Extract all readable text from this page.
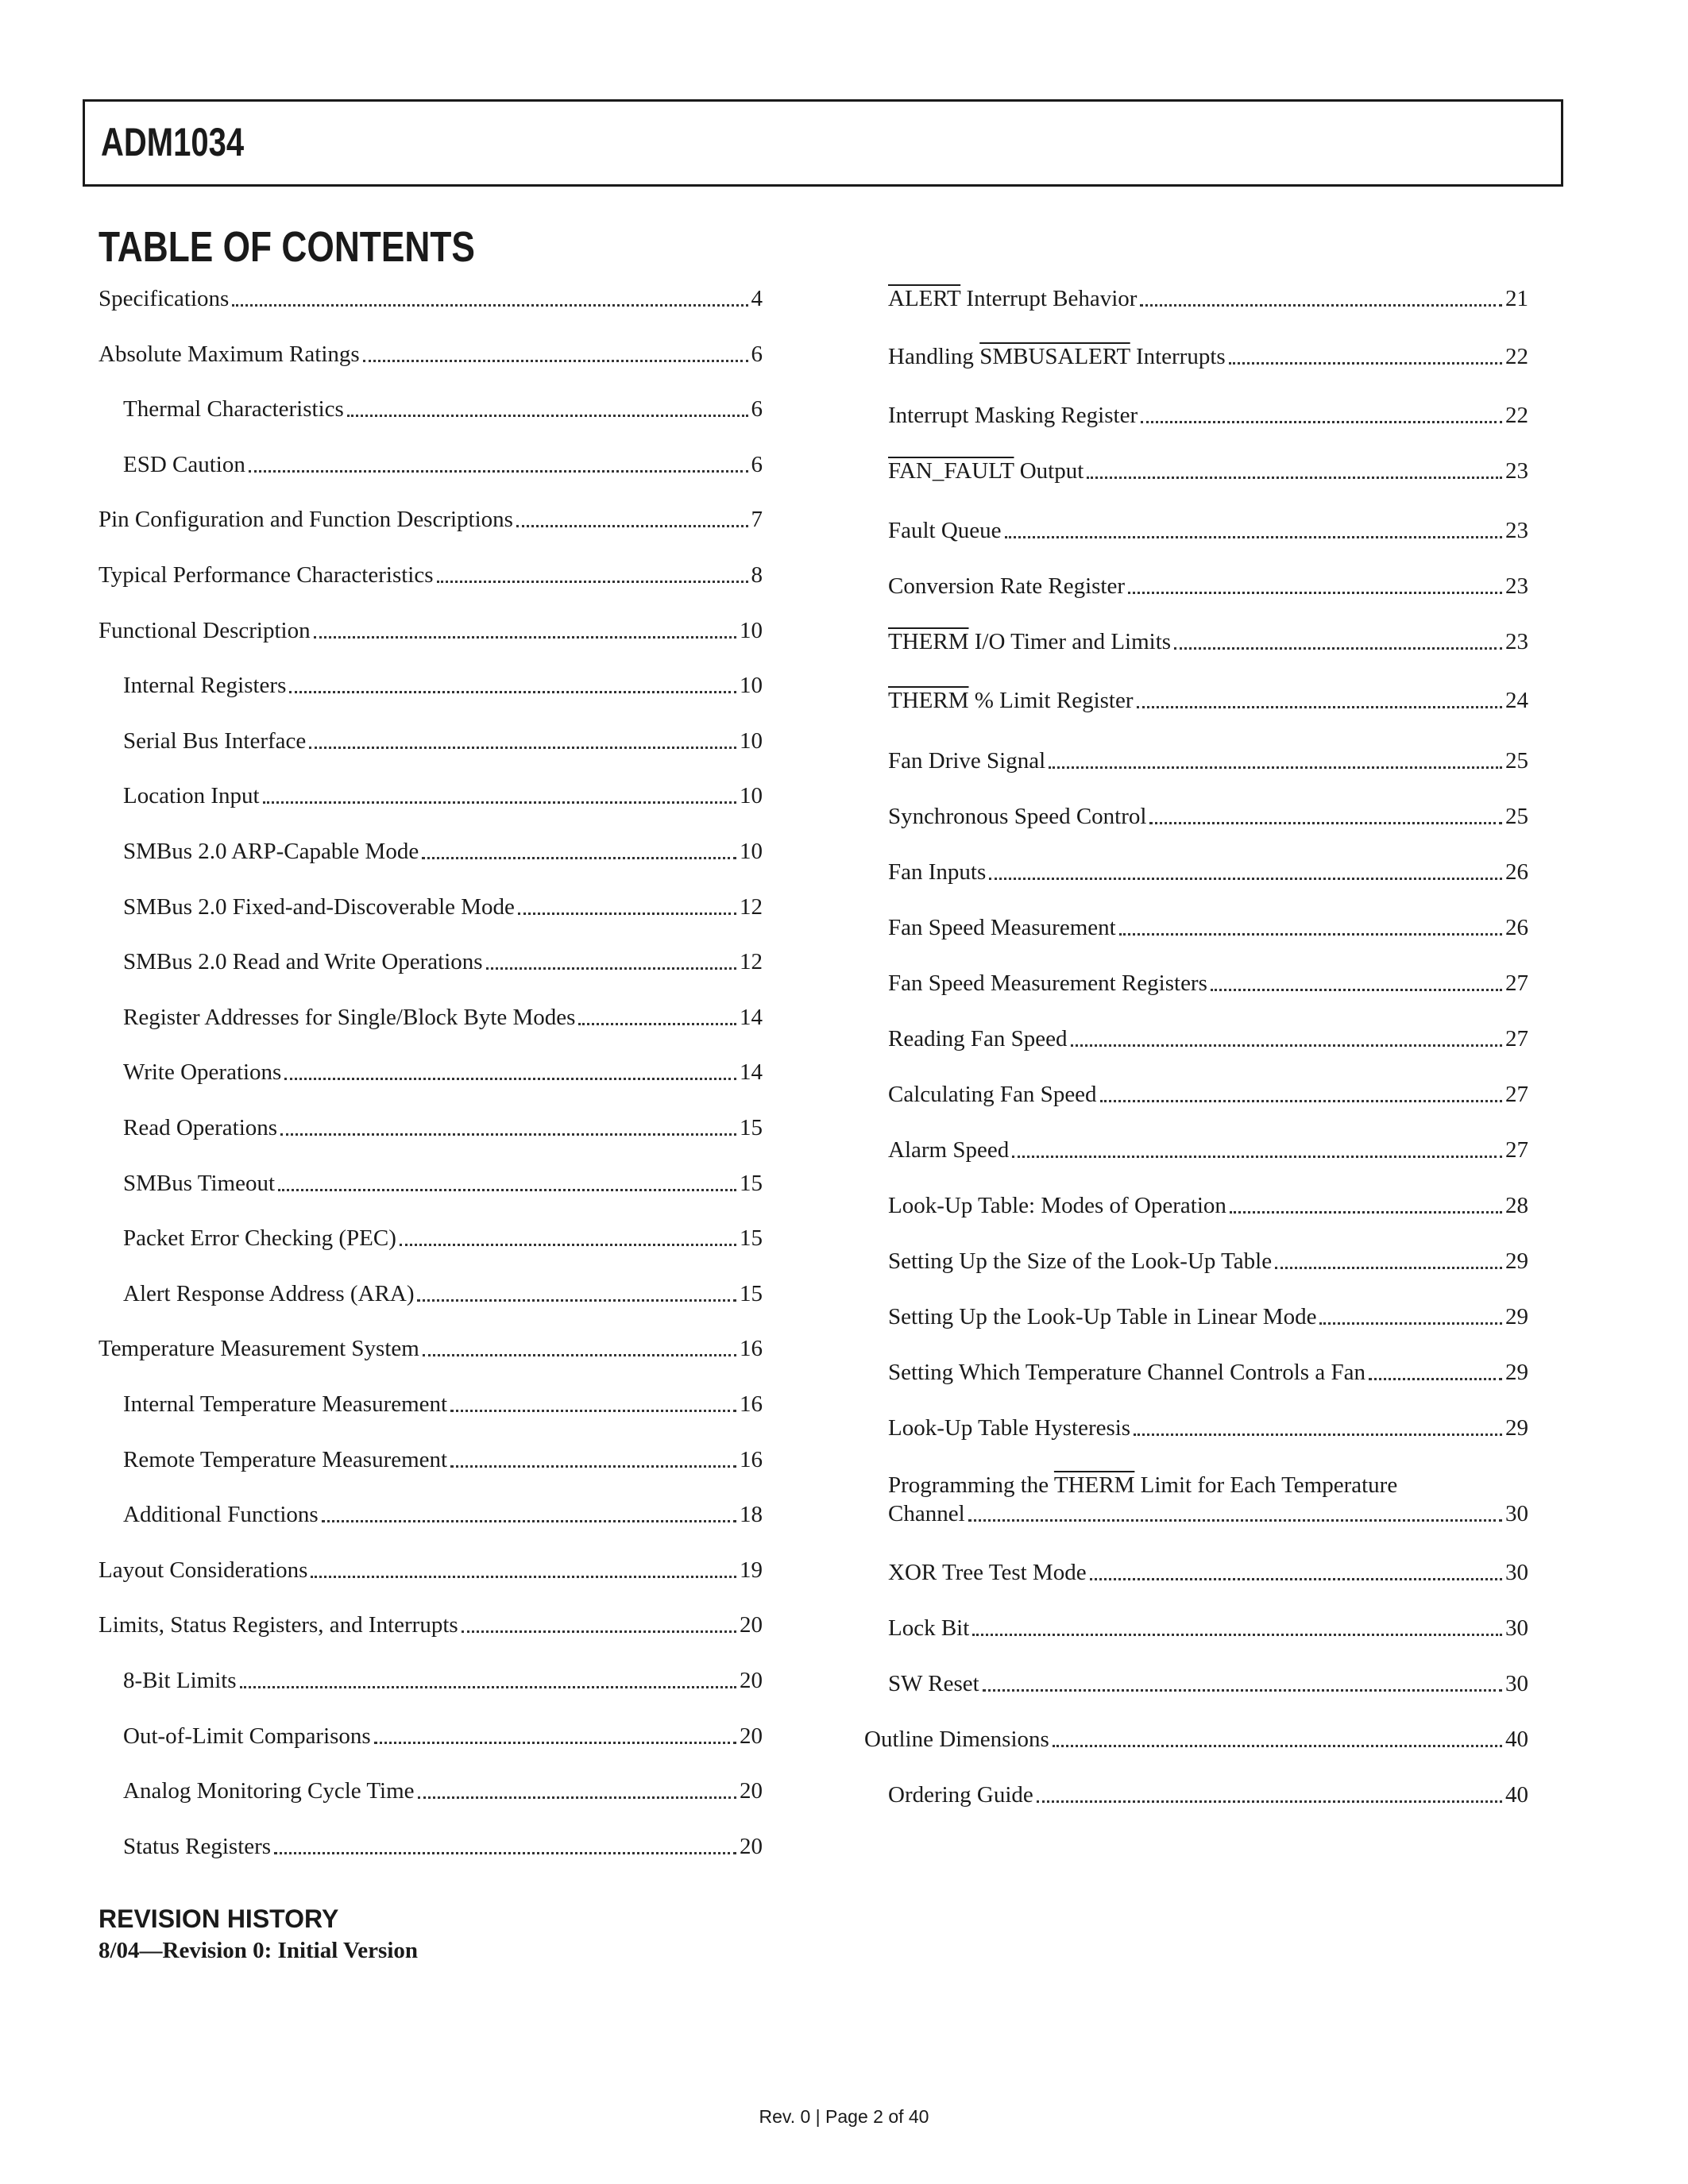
ADM1034
TABLE OF CONTENTS
Specifications	4
Absolute Maximum Ratings	6
Thermal Characteristics	6
ESD Caution	6
Pin Configuration and Function Descriptions	7
Typical Performance Characteristics	8
Functional Description	10
Internal Registers	10
Serial Bus Interface	10
Location Input	10
SMBus 2.0 ARP-Capable Mode	10
SMBus 2.0 Fixed-and-Discoverable Mode	12
SMBus 2.0 Read and Write Operations	12
Register Addresses for Single/Block Byte Modes	14
Write Operations	14
Read Operations	15
SMBus Timeout	15
Packet Error Checking (PEC)	15
Alert Response Address (ARA)	15
Temperature Measurement System	16
Internal Temperature Measurement	16
Remote Temperature Measurement	16
Additional Functions	18
Layout Considerations	19
Limits, Status Registers, and Interrupts	20
8-Bit Limits	20
Out-of-Limit Comparisons	20
Analog Monitoring Cycle Time	20
Status Registers	20
ALERT Interrupt Behavior	21
Handling SMBUSALERT Interrupts	22
Interrupt Masking Register	22
FAN_FAULT Output	23
Fault Queue	23
Conversion Rate Register	23
THERM I/O Timer and Limits	23
THERM % Limit Register	24
Fan Drive Signal	25
Synchronous Speed Control	25
Fan Inputs	26
Fan Speed Measurement	26
Fan Speed Measurement Registers	27
Reading Fan Speed	27
Calculating Fan Speed	27
Alarm Speed	27
Look-Up Table: Modes of Operation	28
Setting Up the Size of the Look-Up Table	29
Setting Up the Look-Up Table in Linear Mode	29
Setting Which Temperature Channel Controls a Fan	29
Look-Up Table Hysteresis	29
Programming the THERM Limit for Each Temperature
Channel	30
XOR Tree Test Mode	30
Lock Bit	30
SW Reset	30
Outline Dimensions	40
Ordering Guide	40
REVISION HISTORY
8/04—Revision 0: Initial Version
Rev. 0 | Page 2 of 40
